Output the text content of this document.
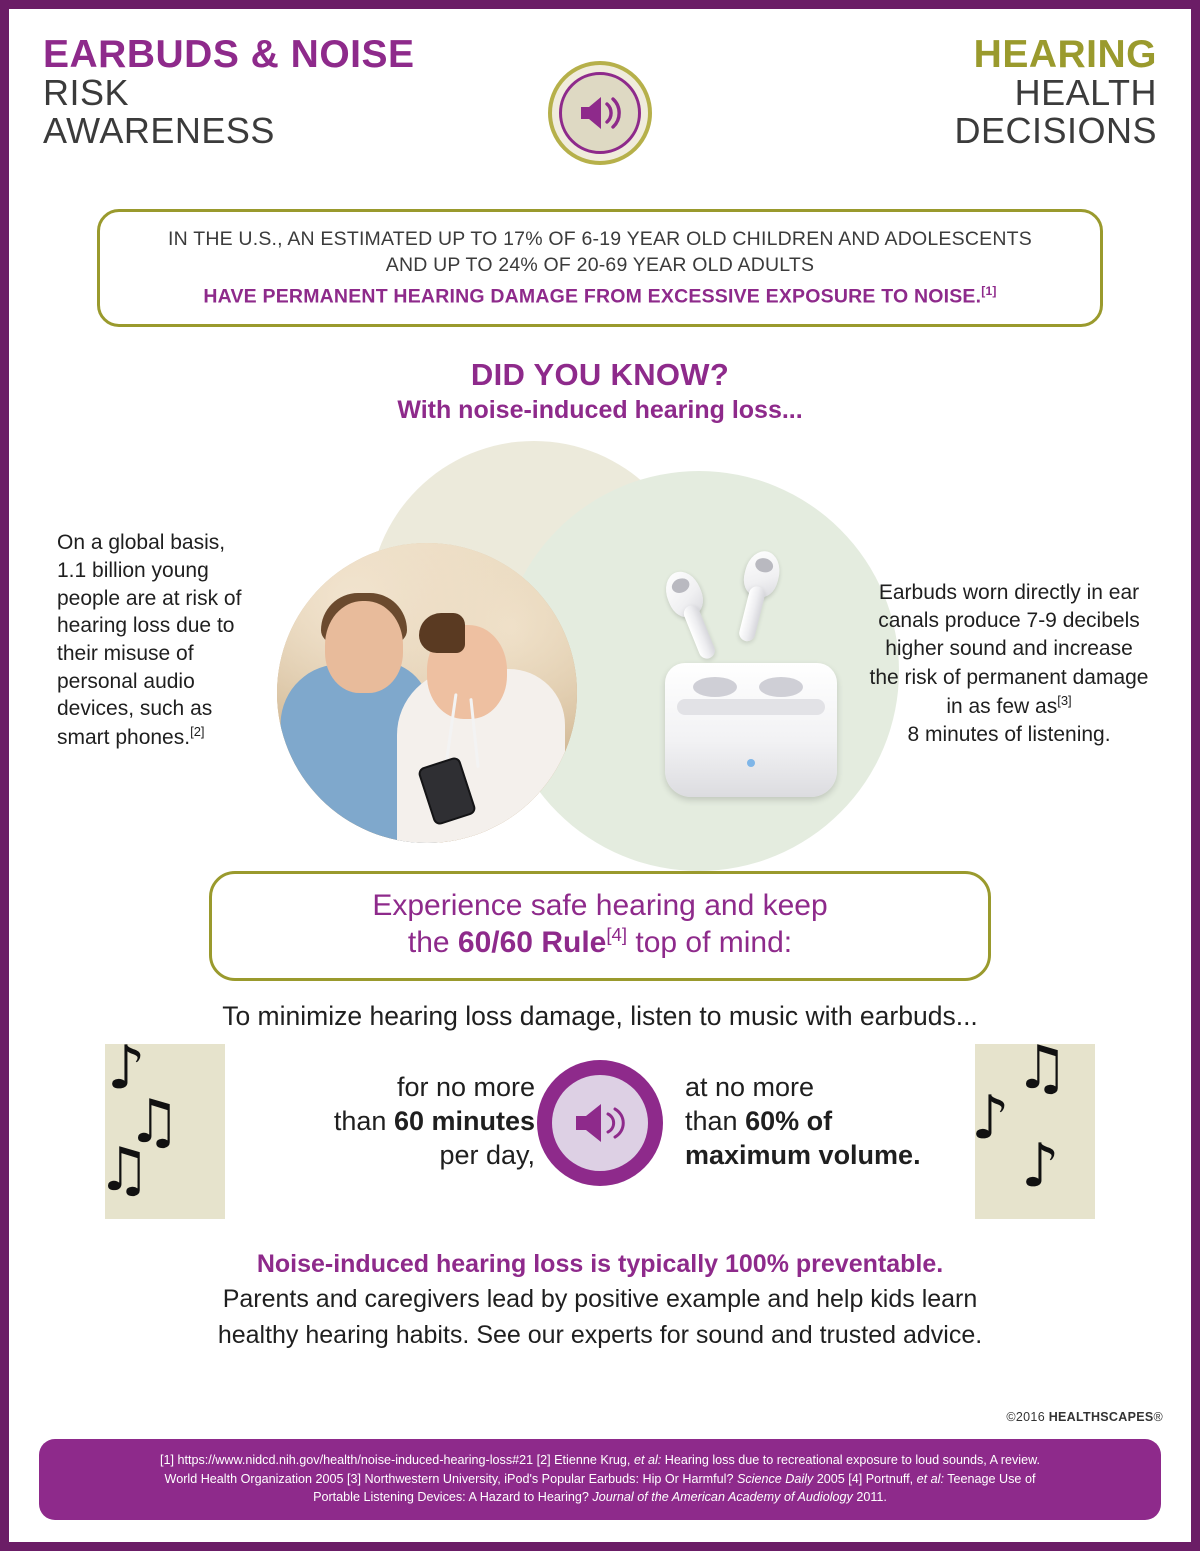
EARBUDS & NOISE
RISK
AWARENESS
HEARING
HEALTH
DECISIONS
IN THE U.S., AN ESTIMATED UP TO 17% OF 6-19 YEAR OLD CHILDREN AND ADOLESCENTS
AND UP TO 24% OF 20-69 YEAR OLD ADULTS
HAVE PERMANENT HEARING DAMAGE FROM EXCESSIVE EXPOSURE TO NOISE.[1]
DID YOU KNOW?
With noise-induced hearing loss...
On a global basis, 1.1 billion young people are at risk of hearing loss due to their misuse of personal audio devices, such as smart phones.[2]
Earbuds worn directly in ear canals produce 7-9 decibels higher sound and increase the risk of permanent damage in as few as[3]
8 minutes of listening.
Experience safe hearing and keep
the 60/60 Rule[4] top of mind:
To minimize hearing loss damage, listen to music with earbuds...
♪
♫
♫
for no more
than 60 minutes
per day,
at no more
than 60% of
maximum volume.
♫
♪
♪
Noise-induced hearing loss is typically 100% preventable.
Parents and caregivers lead by positive example and help kids learn
healthy hearing habits. See our experts for sound and trusted advice.
©2016 HEALTHSCAPES®
[1] https://www.nidcd.nih.gov/health/noise-induced-hearing-loss#21 [2] Etienne Krug, et al: Hearing loss due to recreational exposure to loud sounds, A review.
World Health Organization 2005 [3] Northwestern University, iPod's Popular Earbuds: Hip Or Harmful? Science Daily 2005 [4] Portnuff, et al: Teenage Use of
Portable Listening Devices: A Hazard to Hearing? Journal of the American Academy of Audiology 2011.
